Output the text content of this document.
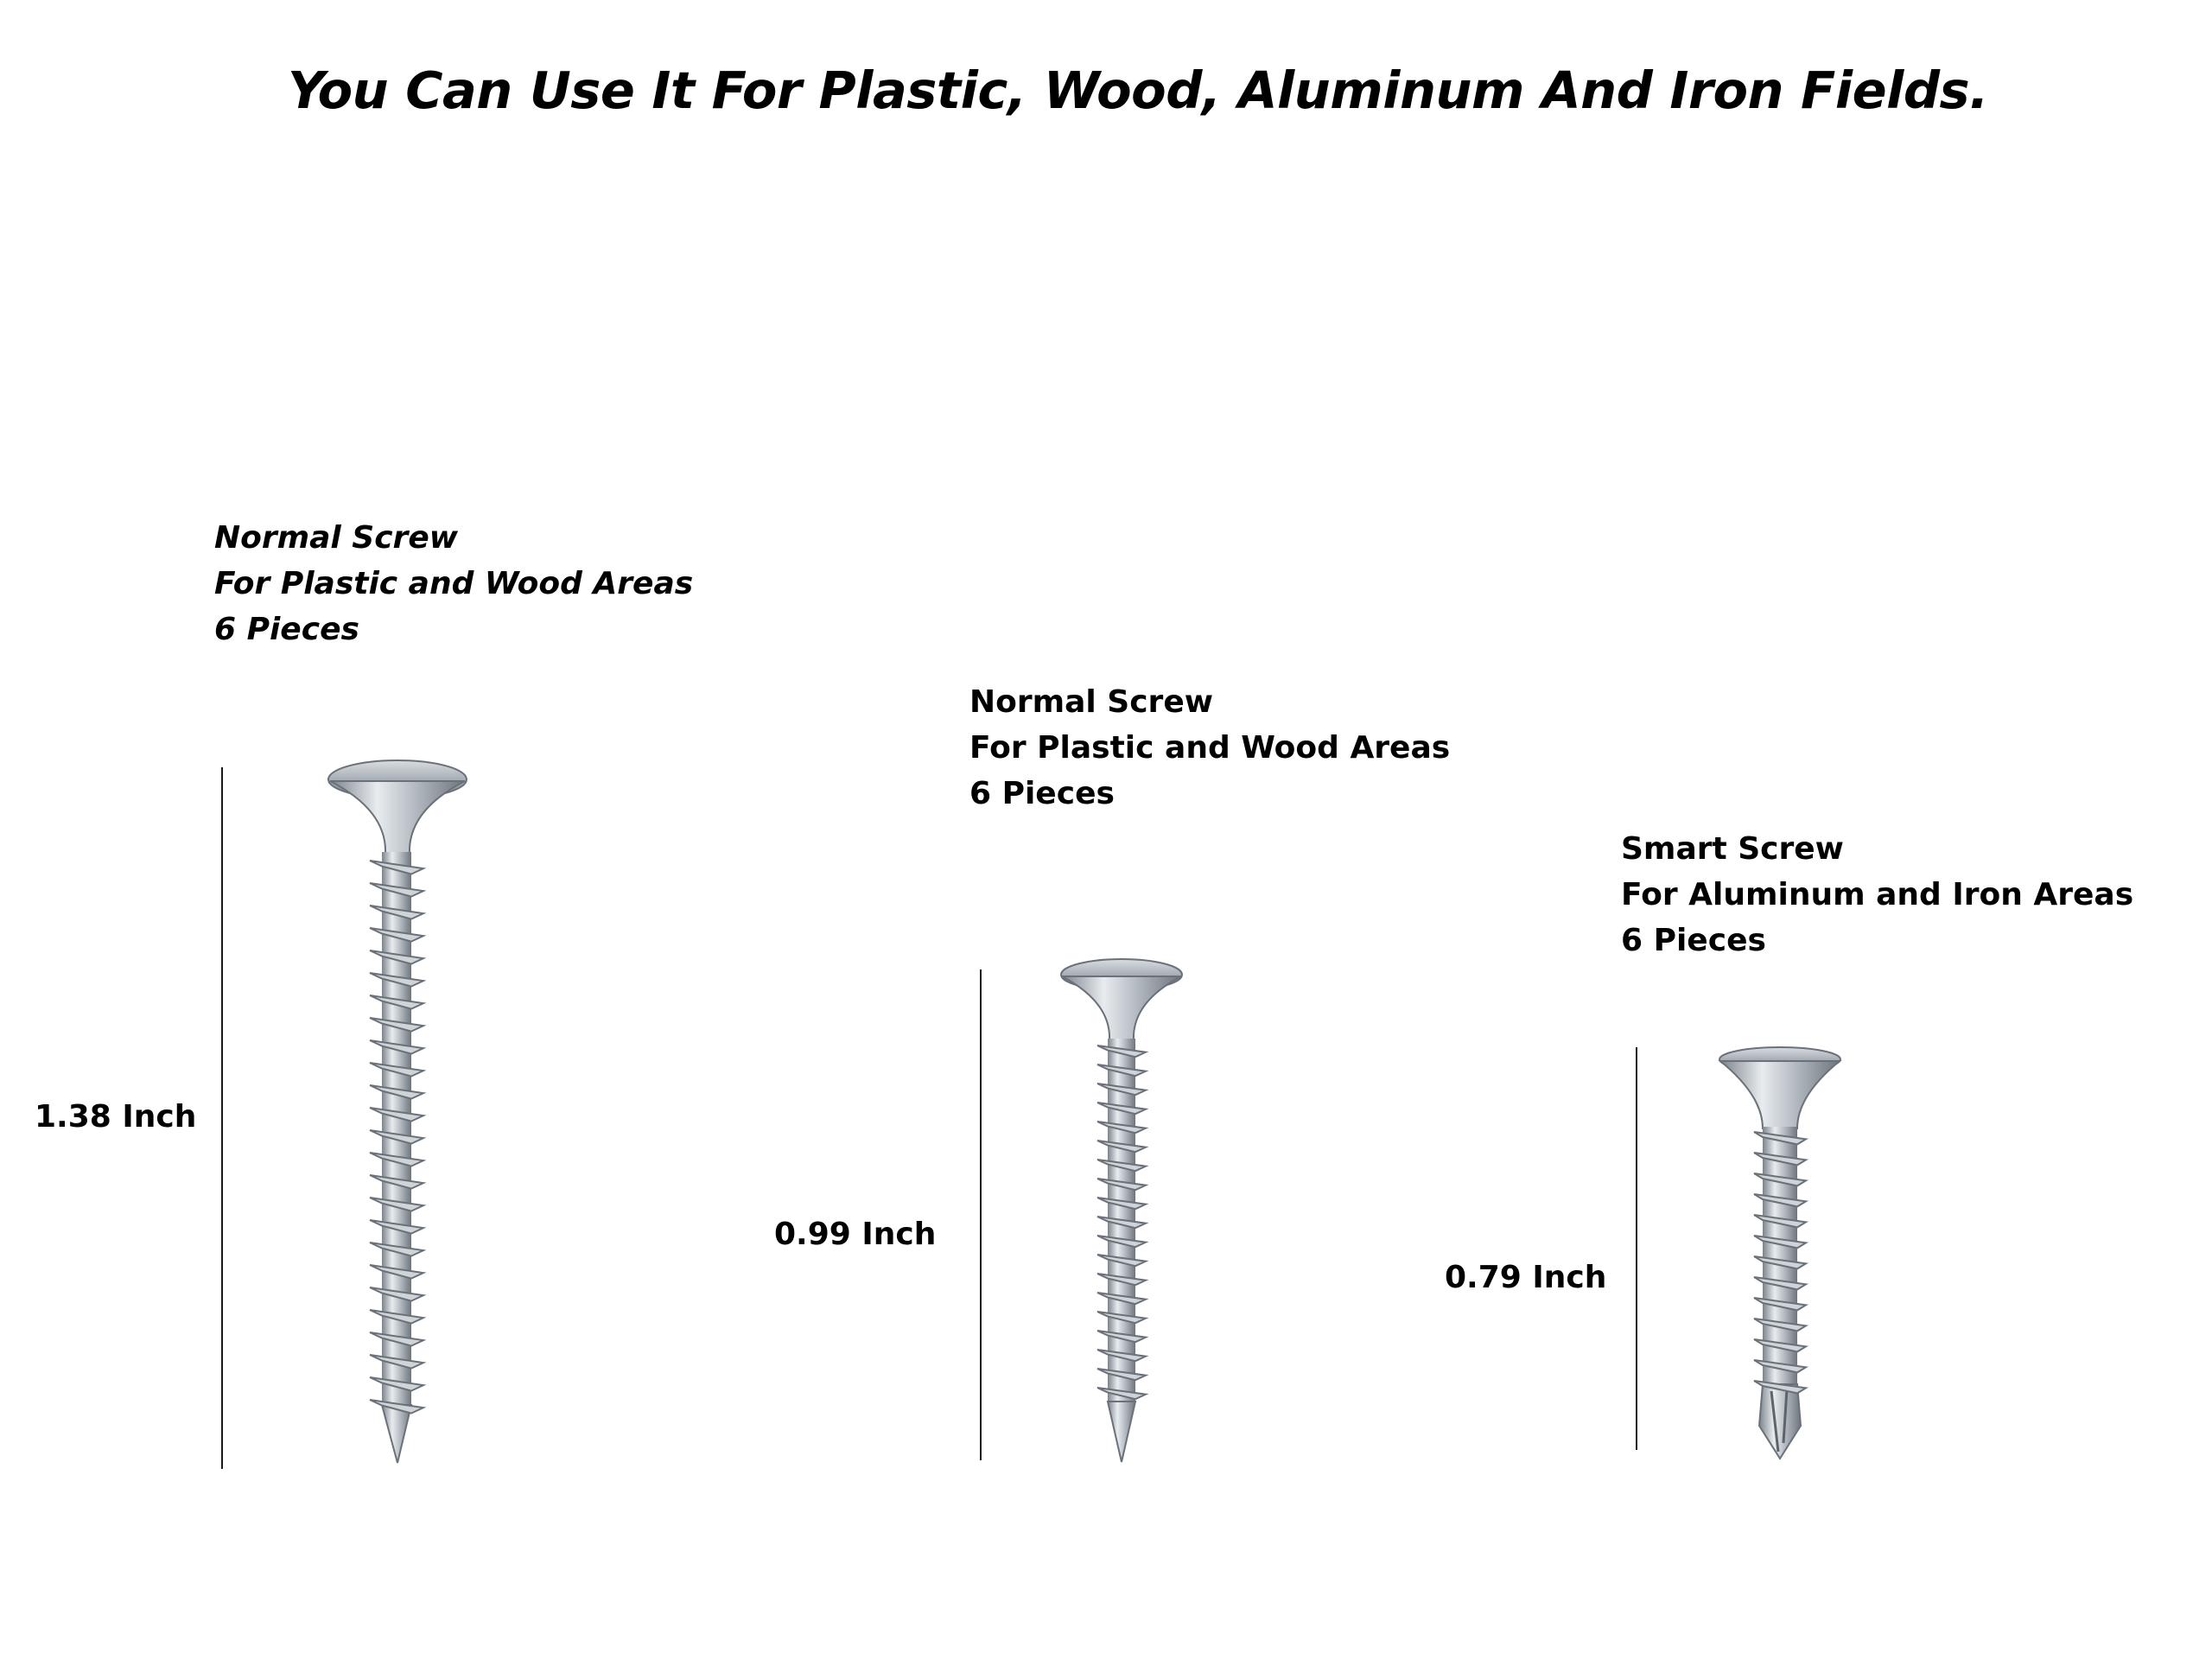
You Can Use It For Plastic, Wood, Aluminum And Iron Fields.
Normal Screw
For Plastic and Wood Areas
6 Pieces
1.38 Inch
Normal Screw
For Plastic and Wood Areas
6 Pieces
0.99 Inch
Smart Screw
For Aluminum and Iron Areas
6 Pieces
0.79 Inch
